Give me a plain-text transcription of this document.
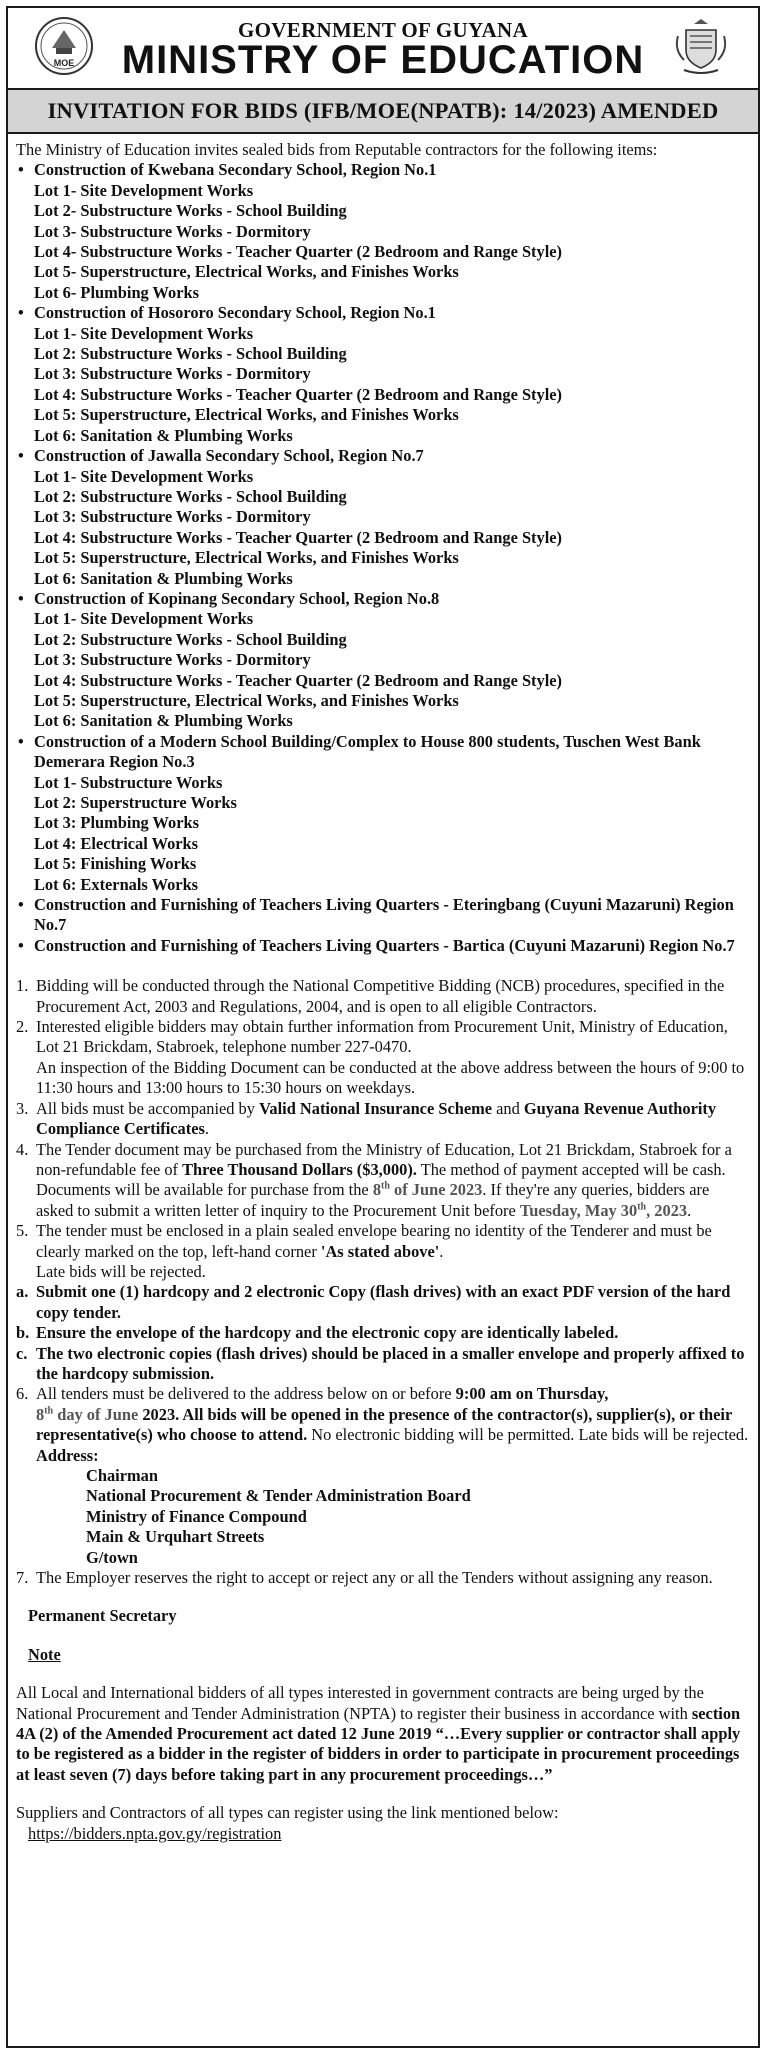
MOE
GOVERNMENT OF GUYANA
MINISTRY OF EDUCATION
INVITATION FOR BIDS (IFB/MOE(NPATB): 14/2023) AMENDED

The Ministry of Education invites sealed bids from Reputable contractors for the following items:

• Construction of Kwebana Secondary School, Region No.1
Lot 1- Site Development Works
Lot 2- Substructure Works - School Building
Lot 3- Substructure Works - Dormitory
Lot 4- Substructure Works - Teacher Quarter (2 Bedroom and Range Style)
Lot 5- Superstructure, Electrical Works, and Finishes Works
Lot 6- Plumbing Works
• Construction of Hosororo Secondary School, Region No.1
Lot 1- Site Development Works
Lot 2: Substructure Works - School Building
Lot 3: Substructure Works - Dormitory
Lot 4: Substructure Works - Teacher Quarter (2 Bedroom and Range Style)
Lot 5: Superstructure, Electrical Works, and Finishes Works
Lot 6: Sanitation & Plumbing Works
• Construction of Jawalla Secondary School, Region No.7
Lot 1- Site Development Works
Lot 2: Substructure Works - School Building
Lot 3: Substructure Works - Dormitory
Lot 4: Substructure Works - Teacher Quarter (2 Bedroom and Range Style)
Lot 5: Superstructure, Electrical Works, and Finishes Works
Lot 6: Sanitation & Plumbing Works
• Construction of Kopinang Secondary School, Region No.8
Lot 1- Site Development Works
Lot 2: Substructure Works - School Building
Lot 3: Substructure Works - Dormitory
Lot 4: Substructure Works - Teacher Quarter (2 Bedroom and Range Style)
Lot 5: Superstructure, Electrical Works, and Finishes Works
Lot 6: Sanitation & Plumbing Works
• Construction of a Modern School Building/Complex to House 800 students, Tuschen West Bank Demerara Region No.3
Lot 1- Substructure Works
Lot 2: Superstructure Works
Lot 3: Plumbing Works
Lot 4: Electrical Works
Lot 5: Finishing Works
Lot 6: Externals Works
• Construction and Furnishing of Teachers Living Quarters - Eteringbang (Cuyuni Mazaruni) Region No.7
• Construction and Furnishing of Teachers Living Quarters - Bartica (Cuyuni Mazaruni) Region No.7
1. Bidding will be conducted through the National Competitive Bidding (NCB) procedures, specified in the Procurement Act, 2003 and Regulations, 2004, and is open to all eligible Contractors.
2. Interested eligible bidders may obtain further information from Procurement Unit, Ministry of Education, Lot 21 Brickdam, Stabroek, telephone number 227-0470.
An inspection of the Bidding Document can be conducted at the above address between the hours of 9:00 to 11:30 hours and 13:00 hours to 15:30 hours on weekdays.
3. All bids must be accompanied by Valid National Insurance Scheme and Guyana Revenue Authority Compliance Certificates.
4. The Tender document may be purchased from the Ministry of Education, Lot 21 Brickdam, Stabroek for a non-refundable fee of Three Thousand Dollars ($3,000). The method of payment accepted will be cash. Documents will be available for purchase from the 8th of June 2023. If they're any queries, bidders are asked to submit a written letter of inquiry to the Procurement Unit before Tuesday, May 30th, 2023.
5. The tender must be enclosed in a plain sealed envelope bearing no identity of the Tenderer and must be clearly marked on the top, left-hand corner 'As stated above'.
Late bids will be rejected.
a. Submit one (1) hardcopy and 2 electronic Copy (flash drives) with an exact PDF version of the hard copy tender.
b. Ensure the envelope of the hardcopy and the electronic copy are identically labeled.
c. The two electronic copies (flash drives) should be placed in a smaller envelope and properly affixed to the hardcopy submission.
6. All tenders must be delivered to the address below on or before 9:00 am on Thursday,
8th day of June 2023. All bids will be opened in the presence of the contractor(s), supplier(s), or their representative(s) who choose to attend. No electronic bidding will be permitted. Late bids will be rejected.
Address:
Chairman
National Procurement & Tender Administration Board
Ministry of Finance Compound
Main & Urquhart Streets
G/town
7. The Employer reserves the right to accept or reject any or all the Tenders without assigning any reason.
Permanent Secretary
Note
All Local and International bidders of all types interested in government contracts are being urged by the National Procurement and Tender Administration (NPTA) to register their business in accordance with section 4A (2) of the Amended Procurement act dated 12 June 2019 “…Every supplier or contractor shall apply to be registered as a bidder in the register of bidders in order to participate in procurement proceedings at least seven (7) days before taking part in any procurement proceedings…”
Suppliers and Contractors of all types can register using the link mentioned below:
https://bidders.npta.gov.gy/registration
